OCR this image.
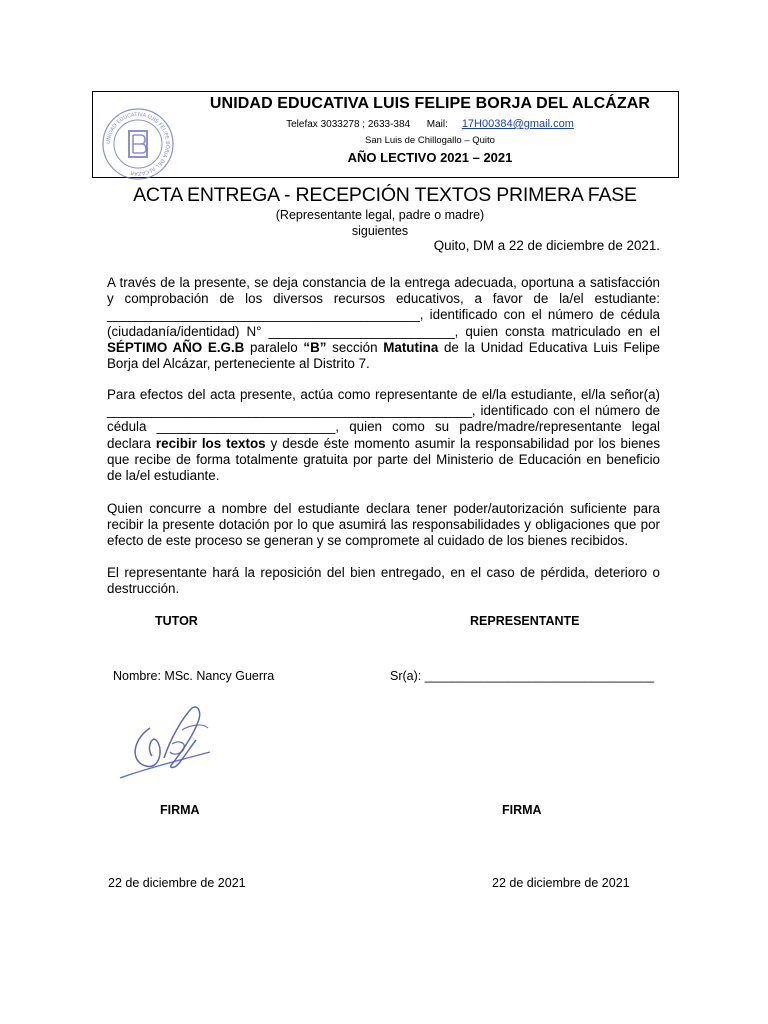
UNIDAD EDUCATIVA LUIS FELIPE BORJA DEL ALCAZAR
UNIDAD EDUCATIVA LUIS FELIPE BORJA DEL ALCÁZAR
Telefax 3033278 ; 2633-384 Mail: 17H00384@gmail.com
San Luis de Chillogallo – Quito
AÑO LECTIVO 2021 – 2021
ACTA ENTREGA - RECEPCIÓN TEXTOS PRIMERA FASE
(Representante legal, padre o madre)
siguientes
Quito, DM a 22 de diciembre de 2021.
A través de la presente, se deja constancia de la entrega adecuada, oportuna a satisfacción y comprobación de los diversos recursos educativos, a favor de la/el estudiante: __________________________________________, identificado con el número de cédula (ciudadanía/identidad) N° _________________________, quien consta matriculado en el SÉPTIMO AÑO E.G.B paralelo “B” sección Matutina de la Unidad Educativa Luis Felipe Borja del Alcázar, perteneciente al Distrito 7.
Para efectos del acta presente, actúa como representante de el/la estudiante, el/la señor(a) _________________________________________________, identificado con el número de cédula ________________________, quien como su padre/madre/representante legal declara recibir los textos y desde éste momento asumir la responsabilidad por los bienes que recibe de forma totalmente gratuita por parte del Ministerio de Educación en beneficio de la/el estudiante.
Quien concurre a nombre del estudiante declara tener poder/autorización suficiente para recibir la presente dotación por lo que asumirá las responsabilidades y obligaciones que por efecto de este proceso se generan y se compromete al cuidado de los bienes recibidos.
El representante hará la reposición del bien entregado, en el caso de pérdida, deterioro o destrucción.
TUTOR	REPRESENTANTE
Nombre: MSc. Nancy Guerra	Sr(a): _________________________________
FIRMA	FIRMA
22 de diciembre de 2021	22 de diciembre de 2021
